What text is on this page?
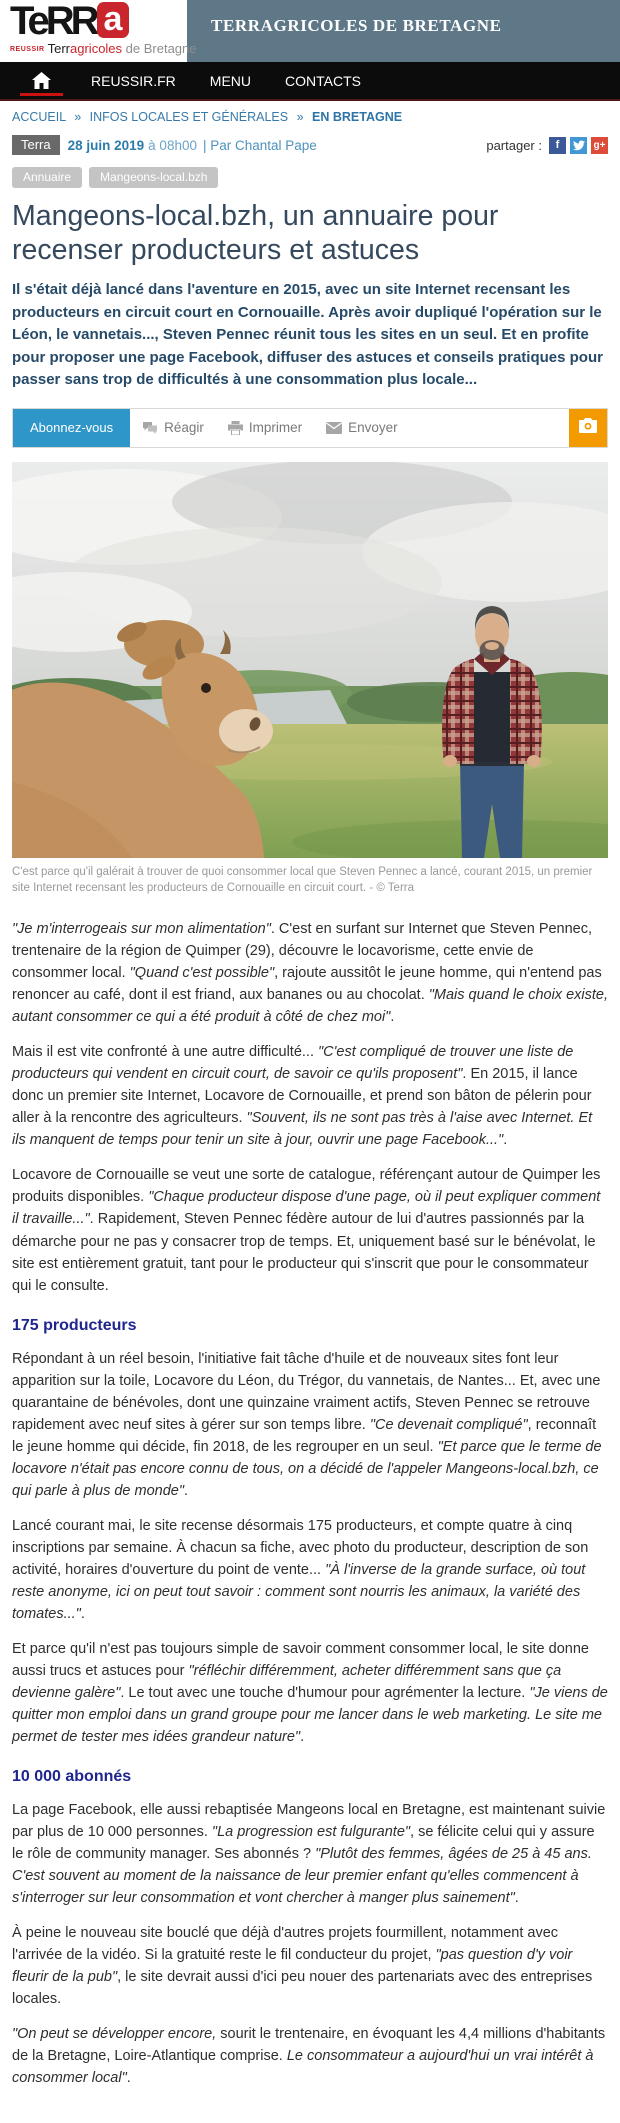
TeRR a
REUSSIR Terragricoles de Bretagne
TERRAGRICOLES DE BRETAGNE
REUSSIR.FR MENU CONTACTS
ACCUEIL » INFOS LOCALES ET GÉNÉRALES » EN BRETAGNE
Terra	28 juin 2019 à 08h00 | Par Chantal Pape	partager :	f	g+
Annuaire	Mangeons-local.bzh
Mangeons-local.bzh, un annuaire pour recenser producteurs et astuces

Il s'était déjà lancé dans l'aventure en 2015, avec un site Internet recensant les producteurs en circuit court en Cornouaille. Après avoir dupliqué l'opération sur le Léon, le vannetais..., Steven Pennec réunit tous les sites en un seul. Et en profite pour proposer une page Facebook, diffuser des astuces et conseils pratiques pour passer sans trop de difficultés à une consommation plus locale...

Abonnez-vous	Réagir	Imprimer	Envoyer
C'est parce qu'il galérait à trouver de quoi consommer local que Steven Pennec a lancé, courant 2015, un premier site Internet recensant les producteurs de Cornouaille en circuit court. - © Terra

"Je m'interrogeais sur mon alimentation". C'est en surfant sur Internet que Steven Pennec, trentenaire de la région de Quimper (29), découvre le locavorisme, cette envie de consommer local. "Quand c'est possible", rajoute aussitôt le jeune homme, qui n'entend pas renoncer au café, dont il est friand, aux bananes ou au chocolat. "Mais quand le choix existe, autant consommer ce qui a été produit à côté de chez moi".

Mais il est vite confronté à une autre difficulté... "C'est compliqué de trouver une liste de producteurs qui vendent en circuit court, de savoir ce qu'ils proposent". En 2015, il lance donc un premier site Internet, Locavore de Cornouaille, et prend son bâton de pélerin pour aller à la rencontre des agriculteurs. "Souvent, ils ne sont pas très à l'aise avec Internet. Et ils manquent de temps pour tenir un site à jour, ouvrir une page Facebook...".

Locavore de Cornouaille se veut une sorte de catalogue, référençant autour de Quimper les produits disponibles. "Chaque producteur dispose d'une page, où il peut expliquer comment il travaille...". Rapidement, Steven Pennec fédère autour de lui d'autres passionnés par la démarche pour ne pas y consacrer trop de temps. Et, uniquement basé sur le bénévolat, le site est entièrement gratuit, tant pour le producteur qui s'inscrit que pour le consommateur qui le consulte.

175 producteurs

Répondant à un réel besoin, l'initiative fait tâche d'huile et de nouveaux sites font leur apparition sur la toile, Locavore du Léon, du Trégor, du vannetais, de Nantes... Et, avec une quarantaine de bénévoles, dont une quinzaine vraiment actifs, Steven Pennec se retrouve rapidement avec neuf sites à gérer sur son temps libre. "Ce devenait compliqué", reconnaît le jeune homme qui décide, fin 2018, de les regrouper en un seul. "Et parce que le terme de locavore n'était pas encore connu de tous, on a décidé de l'appeler Mangeons-local.bzh, ce qui parle à plus de monde".

Lancé courant mai, le site recense désormais 175 producteurs, et compte quatre à cinq inscriptions par semaine. À chacun sa fiche, avec photo du producteur, description de son activité, horaires d'ouverture du point de vente... "À l'inverse de la grande surface, où tout reste anonyme, ici on peut tout savoir : comment sont nourris les animaux, la variété des tomates...".

Et parce qu'il n'est pas toujours simple de savoir comment consommer local, le site donne aussi trucs et astuces pour "réfléchir différemment, acheter différemment sans que ça devienne galère". Le tout avec une touche d'humour pour agrémenter la lecture. "Je viens de quitter mon emploi dans un grand groupe pour me lancer dans le web marketing. Le site me permet de tester mes idées grandeur nature".

10 000 abonnés

La page Facebook, elle aussi rebaptisée Mangeons local en Bretagne, est maintenant suivie par plus de 10 000 personnes. "La progression est fulgurante", se félicite celui qui y assure le rôle de community manager. Ses abonnés ? "Plutôt des femmes, âgées de 25 à 45 ans. C'est souvent au moment de la naissance de leur premier enfant qu'elles commencent à s'interroger sur leur consommation et vont chercher à manger plus sainement".

À peine le nouveau site bouclé que déjà d'autres projets fourmillent, notamment avec l'arrivée de la vidéo. Si la gratuité reste le fil conducteur du projet, "pas question d'y voir fleurir de la pub", le site devrait aussi d'ici peu nouer des partenariats avec des entreprises locales.

"On peut se développer encore, sourit le trentenaire, en évoquant les 4,4 millions d'habitants de la Bretagne, Loire-Atlantique comprise. Le consommateur a aujourd'hui un vrai intérêt à consommer local".
